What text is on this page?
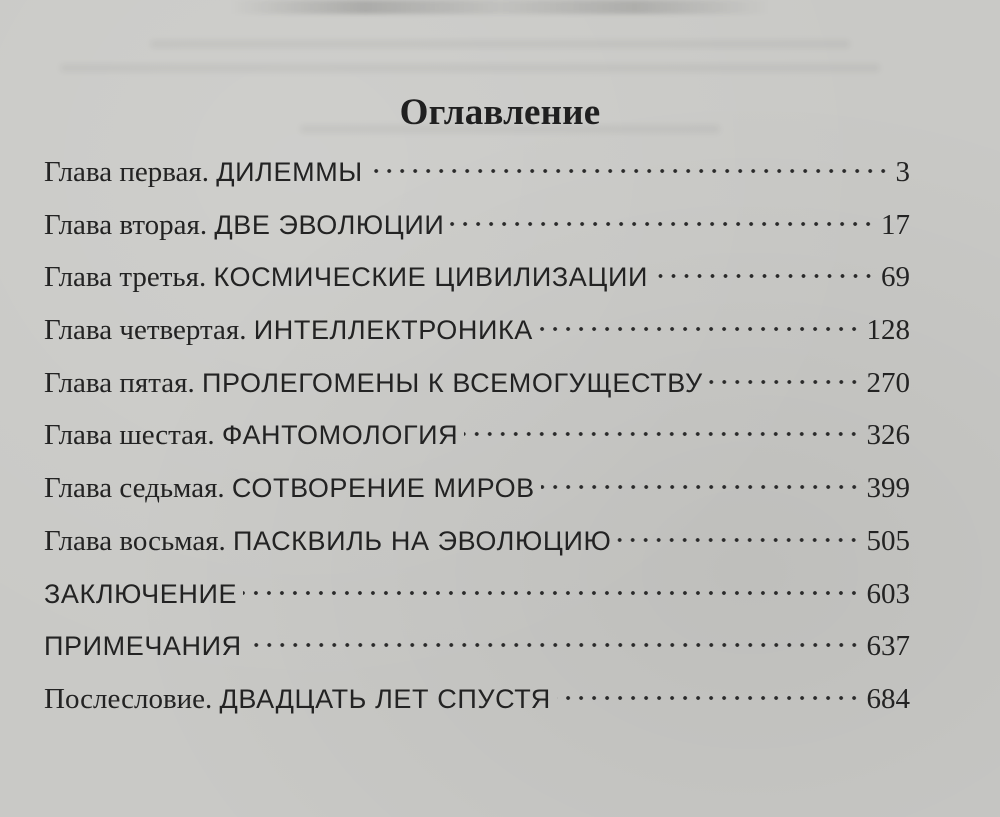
Оглавление
Глава первая. ДИЛЕММЫ	3
Глава вторая. ДВЕ ЭВОЛЮЦИИ	17
Глава третья. КОСМИЧЕСКИЕ ЦИВИЛИЗАЦИИ	69
Глава четвертая. ИНТЕЛЛЕКТРОНИКА	128
Глава пятая. ПРОЛЕГОМЕНЫ К ВСЕМОГУЩЕСТВУ	270
Глава шестая. ФАНТОМОЛОГИЯ	326
Глава седьмая. СОТВОРЕНИЕ МИРОВ	399
Глава восьмая. ПАСКВИЛЬ НА ЭВОЛЮЦИЮ	505
ЗАКЛЮЧЕНИЕ	603
ПРИМЕЧАНИЯ	637
Послесловие. ДВАДЦАТЬ ЛЕТ СПУСТЯ	684
